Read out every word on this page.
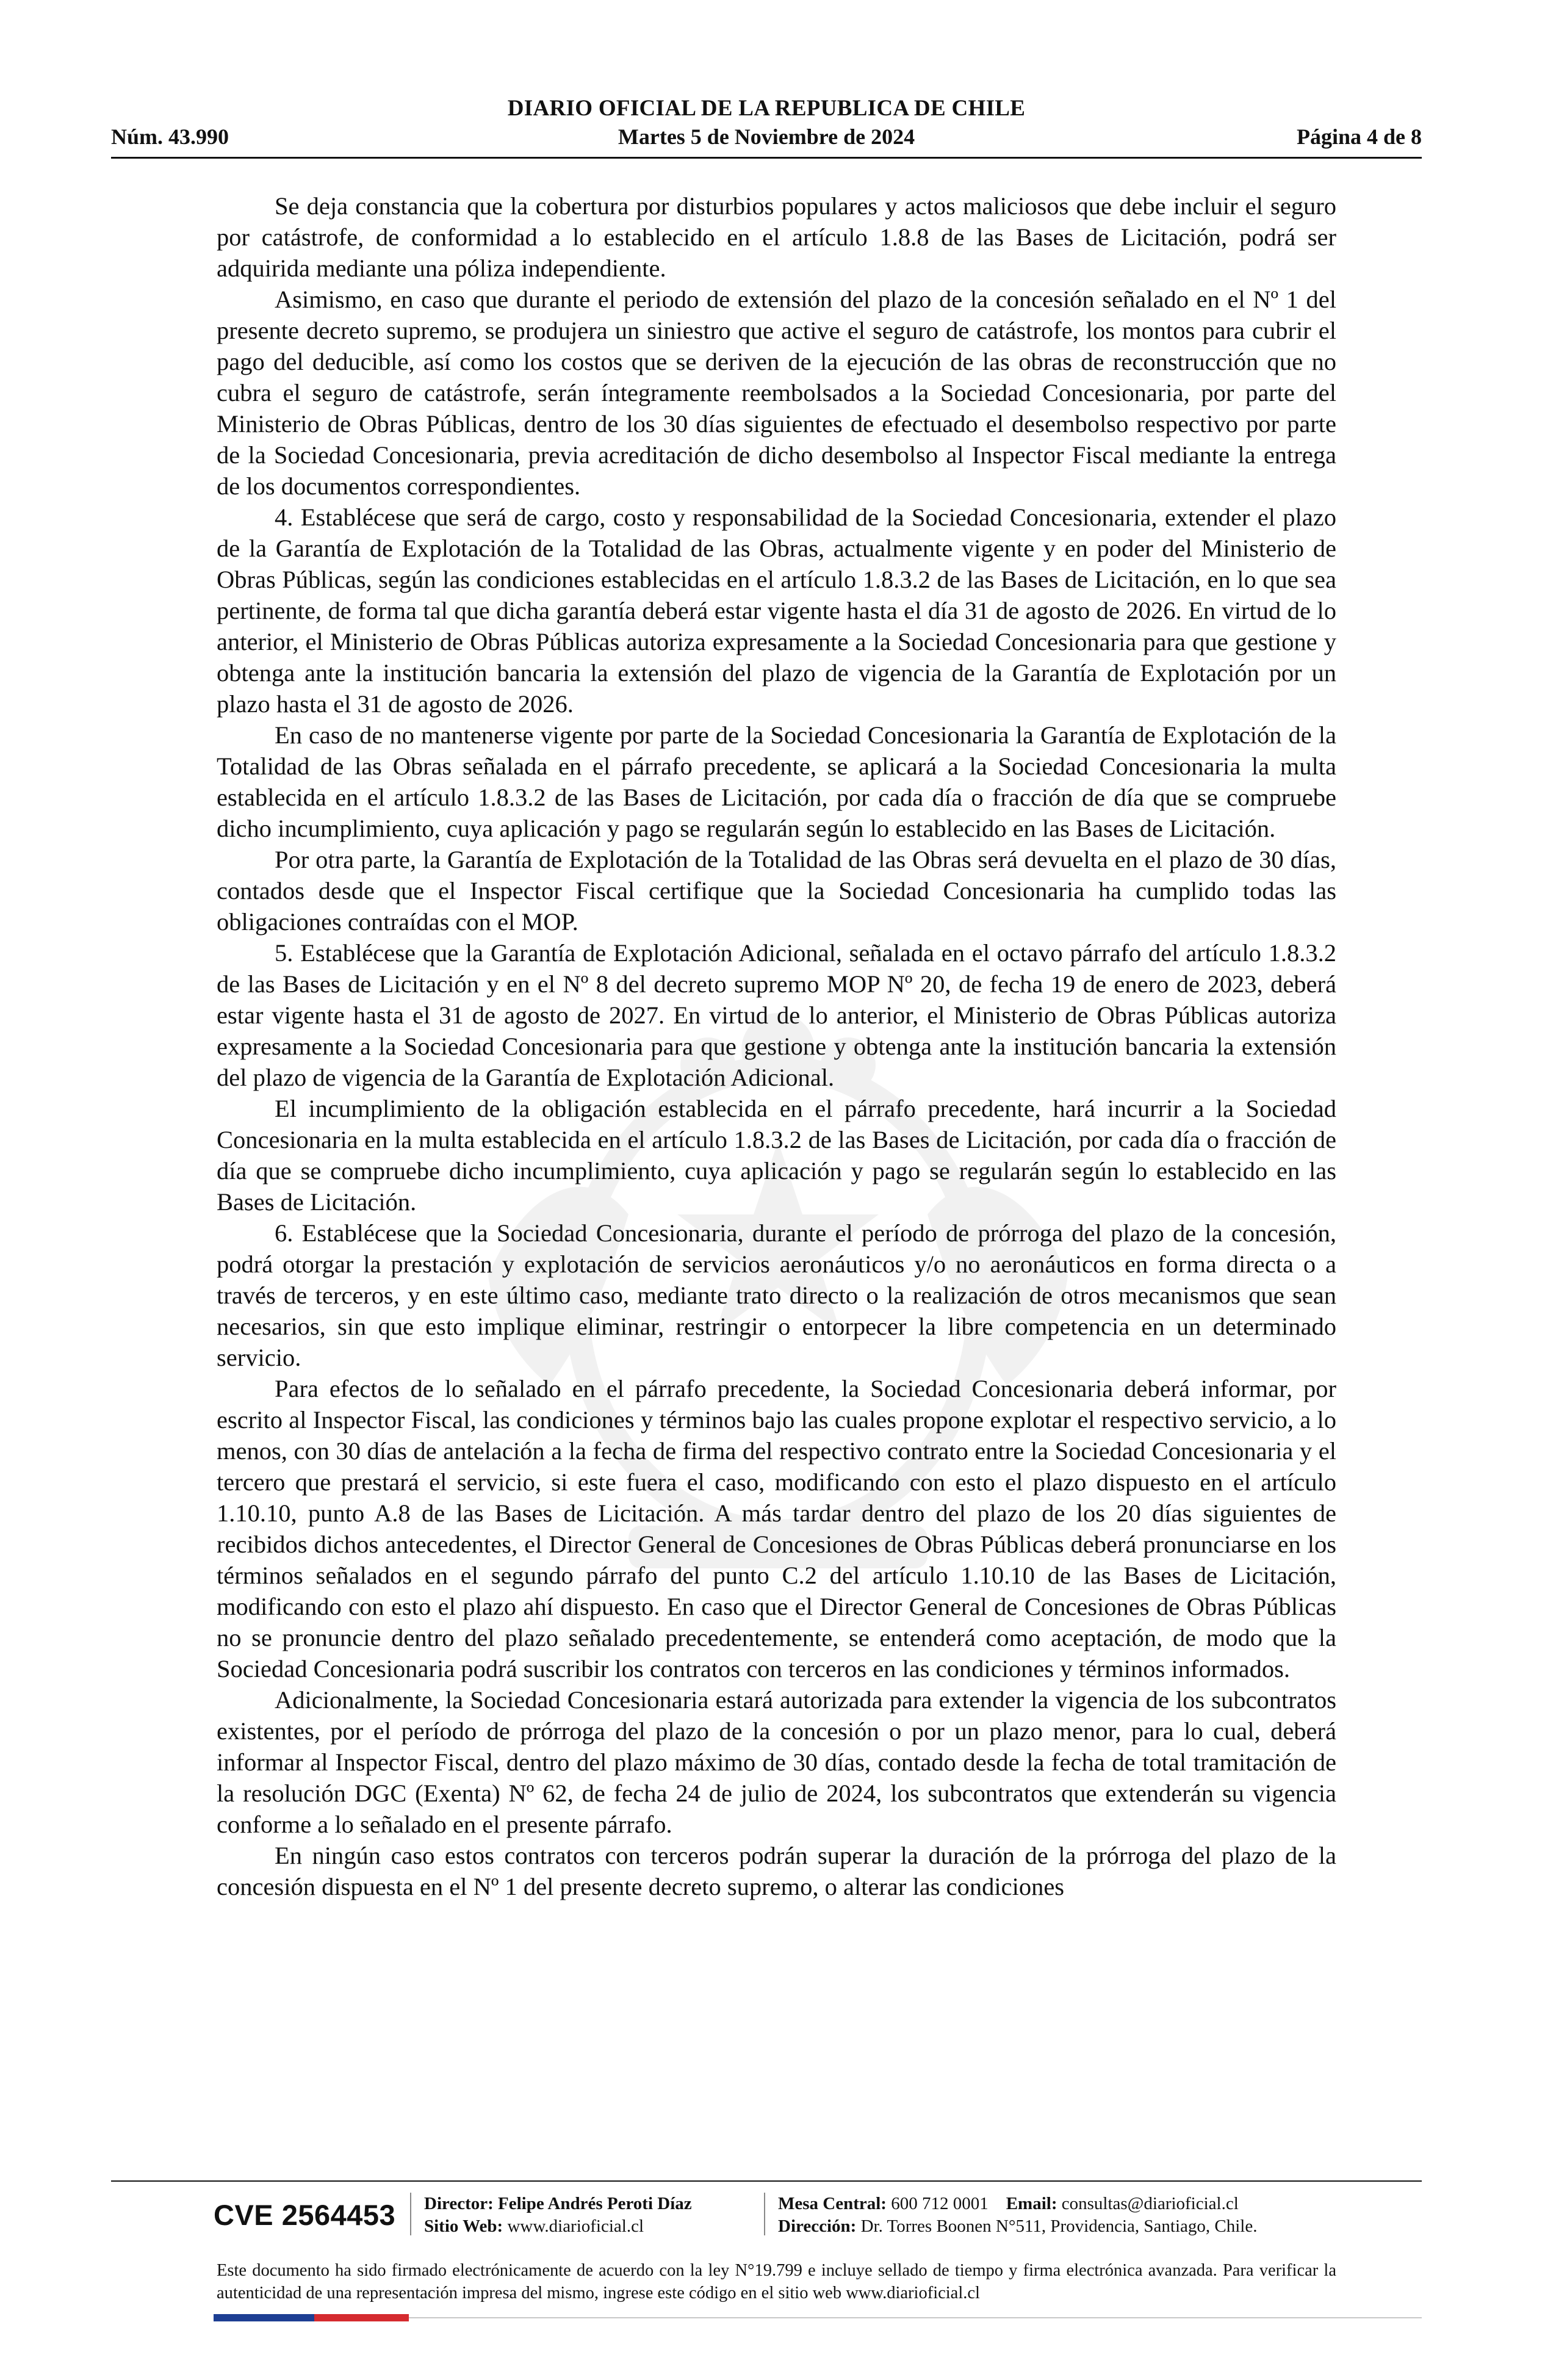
DIARIO OFICIAL DE LA REPUBLICA DE CHILE
Núm. 43.990	Martes 5 de Noviembre de 2024	Página 4 de 8

Se deja constancia que la cobertura por disturbios populares y actos maliciosos que debe incluir el seguro por catástrofe, de conformidad a lo establecido en el artículo 1.8.8 de las Bases de Licitación, podrá ser adquirida mediante una póliza independiente.

Asimismo, en caso que durante el periodo de extensión del plazo de la concesión señalado en el Nº 1 del presente decreto supremo, se produjera un siniestro que active el seguro de catástrofe, los montos para cubrir el pago del deducible, así como los costos que se deriven de la ejecución de las obras de reconstrucción que no cubra el seguro de catástrofe, serán íntegramente reembolsados a la Sociedad Concesionaria, por parte del Ministerio de Obras Públicas, dentro de los 30 días siguientes de efectuado el desembolso respectivo por parte de la Sociedad Concesionaria, previa acreditación de dicho desembolso al Inspector Fiscal mediante la entrega de los documentos correspondientes.

4. Establécese que será de cargo, costo y responsabilidad de la Sociedad Concesionaria, extender el plazo de la Garantía de Explotación de la Totalidad de las Obras, actualmente vigente y en poder del Ministerio de Obras Públicas, según las condiciones establecidas en el artículo 1.8.3.2 de las Bases de Licitación, en lo que sea pertinente, de forma tal que dicha garantía deberá estar vigente hasta el día 31 de agosto de 2026. En virtud de lo anterior, el Ministerio de Obras Públicas autoriza expresamente a la Sociedad Concesionaria para que gestione y obtenga ante la institución bancaria la extensión del plazo de vigencia de la Garantía de Explotación por un plazo hasta el 31 de agosto de 2026.

En caso de no mantenerse vigente por parte de la Sociedad Concesionaria la Garantía de Explotación de la Totalidad de las Obras señalada en el párrafo precedente, se aplicará a la Sociedad Concesionaria la multa establecida en el artículo 1.8.3.2 de las Bases de Licitación, por cada día o fracción de día que se compruebe dicho incumplimiento, cuya aplicación y pago se regularán según lo establecido en las Bases de Licitación.

Por otra parte, la Garantía de Explotación de la Totalidad de las Obras será devuelta en el plazo de 30 días, contados desde que el Inspector Fiscal certifique que la Sociedad Concesionaria ha cumplido todas las obligaciones contraídas con el MOP.

5. Establécese que la Garantía de Explotación Adicional, señalada en el octavo párrafo del artículo 1.8.3.2 de las Bases de Licitación y en el Nº 8 del decreto supremo MOP Nº 20, de fecha 19 de enero de 2023, deberá estar vigente hasta el 31 de agosto de 2027. En virtud de lo anterior, el Ministerio de Obras Públicas autoriza expresamente a la Sociedad Concesionaria para que gestione y obtenga ante la institución bancaria la extensión del plazo de vigencia de la Garantía de Explotación Adicional.

El incumplimiento de la obligación establecida en el párrafo precedente, hará incurrir a la Sociedad Concesionaria en la multa establecida en el artículo 1.8.3.2 de las Bases de Licitación, por cada día o fracción de día que se compruebe dicho incumplimiento, cuya aplicación y pago se regularán según lo establecido en las Bases de Licitación.

6. Establécese que la Sociedad Concesionaria, durante el período de prórroga del plazo de la concesión, podrá otorgar la prestación y explotación de servicios aeronáuticos y/o no aeronáuticos en forma directa o a través de terceros, y en este último caso, mediante trato directo o la realización de otros mecanismos que sean necesarios, sin que esto implique eliminar, restringir o entorpecer la libre competencia en un determinado servicio.

Para efectos de lo señalado en el párrafo precedente, la Sociedad Concesionaria deberá informar, por escrito al Inspector Fiscal, las condiciones y términos bajo las cuales propone explotar el respectivo servicio, a lo menos, con 30 días de antelación a la fecha de firma del respectivo contrato entre la Sociedad Concesionaria y el tercero que prestará el servicio, si este fuera el caso, modificando con esto el plazo dispuesto en el artículo 1.10.10, punto A.8 de las Bases de Licitación. A más tardar dentro del plazo de los 20 días siguientes de recibidos dichos antecedentes, el Director General de Concesiones de Obras Públicas deberá pronunciarse en los términos señalados en el segundo párrafo del punto C.2 del artículo 1.10.10 de las Bases de Licitación, modificando con esto el plazo ahí dispuesto. En caso que el Director General de Concesiones de Obras Públicas no se pronuncie dentro del plazo señalado precedentemente, se entenderá como aceptación, de modo que la Sociedad Concesionaria podrá suscribir los contratos con terceros en las condiciones y términos informados.

Adicionalmente, la Sociedad Concesionaria estará autorizada para extender la vigencia de los subcontratos existentes, por el período de prórroga del plazo de la concesión o por un plazo menor, para lo cual, deberá informar al Inspector Fiscal, dentro del plazo máximo de 30 días, contado desde la fecha de total tramitación de la resolución DGC (Exenta) Nº 62, de fecha 24 de julio de 2024, los subcontratos que extenderán su vigencia conforme a lo señalado en el presente párrafo.

En ningún caso estos contratos con terceros podrán superar la duración de la prórroga del plazo de la concesión dispuesta en el Nº 1 del presente decreto supremo, o alterar las condiciones

CVE 2564453 Director: Felipe Andrés Peroti Díaz
Sitio Web: www.diarioficial.cl
Mesa Central: 600 712 0001 Email: consultas@diarioficial.cl
Dirección: Dr. Torres Boonen N°511, Providencia, Santiago, Chile.
Este documento ha sido firmado electrónicamente de acuerdo con la ley N°19.799 e incluye sellado de tiempo y firma electrónica avanzada. Para verificar la autenticidad de una representación impresa del mismo, ingrese este código en el sitio web www.diarioficial.cl
